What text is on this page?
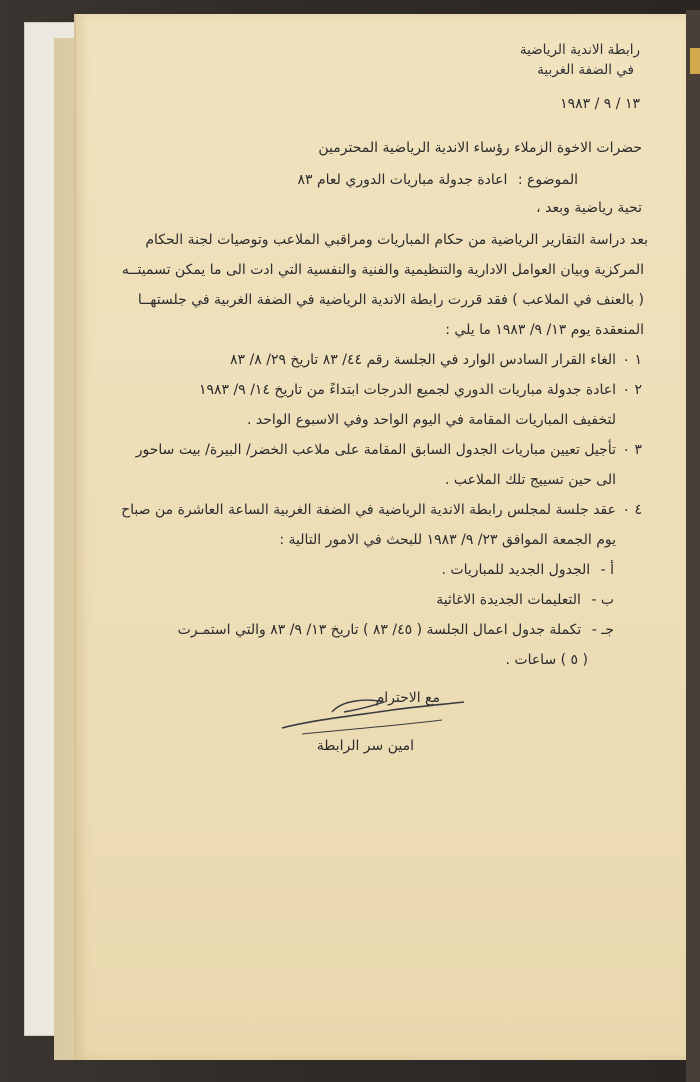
رابطة الاندية الرياضية
في الضفة الغربية
١٣ / ٩ / ١٩٨٣
حضرات الاخوة الزملاء رؤساء الاندية الرياضية المحترمين
الموضوع : اعادة جدولة مباريات الدوري لعام ٨٣
تحية رياضية وبعد ،
بعد دراسة التقارير الرياضية من حكام المباريات ومراقبي الملاعب وتوصيات لجنة الحكام
المركزية وبيان العوامل الادارية والتنظيمية والفنية والنفسية التي ادت الى ما يمكن تسميتــه
( بالعنف في الملاعب ) فقد قررت رابطة الاندية الرياضية في الضفة الغربية في جلستهــا
المنعقدة يوم ١٣/ ٩/ ١٩٨٣ ما يلي :
١ ٠
الغاء القرار السادس الوارد في الجلسة رقم ٤٤/ ٨٣ تاريخ ٢٩/ ٨/ ٨٣
٢ ٠
اعادة جدولة مباريات الدوري لجميع الدرجات ابتداءً من تاريخ ١٤/ ٩/ ١٩٨٣
لتخفيف المباريات المقامة في اليوم الواحد وفي الاسبوع الواحد .
٣ ٠
تأجيل تعيين مباريات الجدول السابق المقامة على ملاعب الخضر/ البيرة/ بيت ساحور
الى حين تسييج تلك الملاعب .
٤ ٠
عقد جلسة لمجلس رابطة الاندية الرياضية في الضفة الغربية الساعة العاشرة من صباح
يوم الجمعة الموافق ٢٣/ ٩/ ١٩٨٣ للبحث في الامور التالية :
أ - الجدول الجديد للمباريات .
ب - التعليمات الجديدة الاغاثية
جـ - تكملة جدول اعمال الجلسة ( ٤٥/ ٨٣ ) تاريخ ١٣/ ٩/ ٨٣ والتي استمـرت
( ٥ ) ساعات .
مع الاحترام
امين سر الرابطة
